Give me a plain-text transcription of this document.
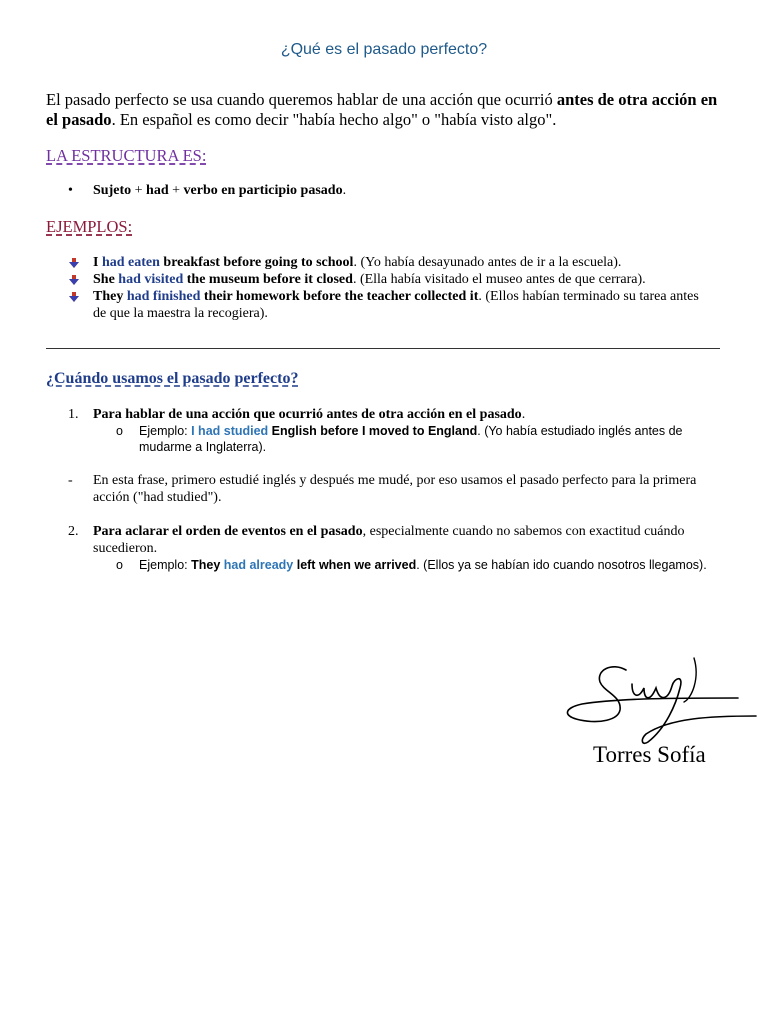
¿Qué es el pasado perfecto?
El pasado perfecto se usa cuando queremos hablar de una acción que ocurrió antes de otra acción en el pasado. En español es como decir "había hecho algo" o "había visto algo".
LA ESTRUCTURA ES:
• Sujeto + had + verbo en participio pasado.
EJEMPLOS:
I had eaten breakfast before going to school. (Yo había desayunado antes de ir a la escuela).
She had visited the museum before it closed. (Ella había visitado el museo antes de que cerrara).
They had finished their homework before the teacher collected it. (Ellos habían terminado su tarea antes de que la maestra la recogiera).
¿Cuándo usamos el pasado perfecto?
1. Para hablar de una acción que ocurrió antes de otra acción en el pasado.
o Ejemplo: I had studied English before I moved to England. (Yo había estudiado inglés antes de mudarme a Inglaterra).
- En esta frase, primero estudié inglés y después me mudé, por eso usamos el pasado perfecto para la primera acción ("had studied").
2. Para aclarar el orden de eventos en el pasado, especialmente cuando no sabemos con exactitud cuándo sucedieron.
o Ejemplo: They had already left when we arrived. (Ellos ya se habían ido cuando nosotros llegamos).
Torres Sofía
